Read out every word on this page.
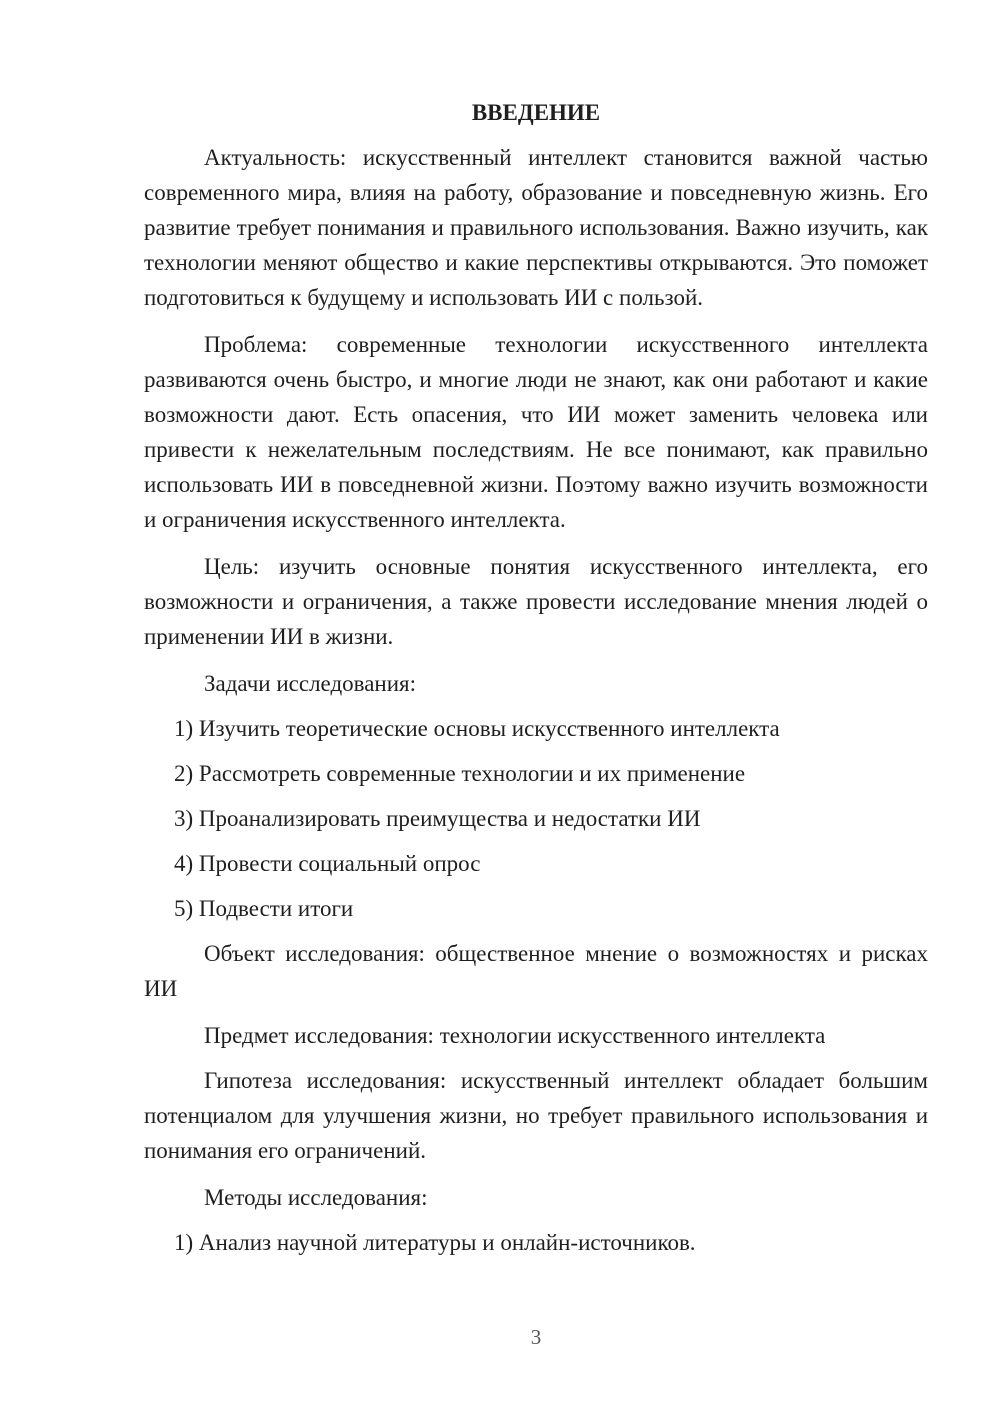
ВВЕДЕНИЕ

Актуальность: искусственный интеллект становится важной частью современного мира, влияя на работу, образование и повседневную жизнь. Его развитие требует понимания и правильного использования. Важно изучить, как технологии меняют общество и какие перспективы открываются. Это поможет подготовиться к будущему и использовать ИИ с пользой.

Проблема: современные технологии искусственного интеллекта развиваются очень быстро, и многие люди не знают, как они работают и какие возможности дают. Есть опасения, что ИИ может заменить человека или привести к нежелательным последствиям. Не все понимают, как правильно использовать ИИ в повседневной жизни. Поэтому важно изучить возможности и ограничения искусственного интеллекта.

Цель: изучить основные понятия искусственного интеллекта, его возможности и ограничения, а также провести исследование мнения людей о применении ИИ в жизни.

Задачи исследования:

1) Изучить теоретические основы искусственного интеллекта

2) Рассмотреть современные технологии и их применение

3) Проанализировать преимущества и недостатки ИИ

4) Провести социальный опрос

5) Подвести итоги

Объект исследования: общественное мнение о возможностях и рисках ИИ

Предмет исследования: технологии искусственного интеллекта

Гипотеза исследования: искусственный интеллект обладает большим потенциалом для улучшения жизни, но требует правильного использования и понимания его ограничений.

Методы исследования:

1) Анализ научной литературы и онлайн-источников.

3
